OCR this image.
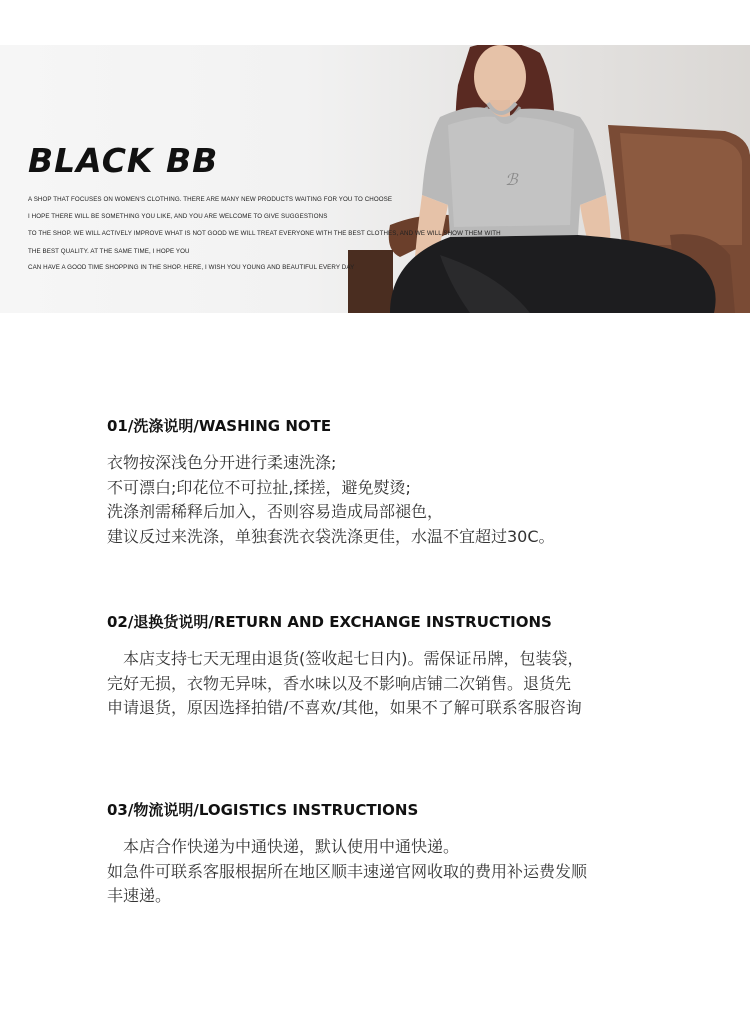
ℬ
BLACK BB
A SHOP THAT FOCUSES ON WOMEN'S CLOTHING. THERE ARE MANY NEW PRODUCTS WAITING FOR YOU TO CHOOSE
I HOPE THERE WILL BE SOMETHING YOU LIKE, AND YOU ARE WELCOME TO GIVE SUGGESTIONS
TO THE SHOP. WE WILL ACTIVELY IMPROVE WHAT IS NOT GOOD WE WILL TREAT EVERYONE WITH THE BEST CLOTHES, AND WE WILL SHOW THEM WITH
THE BEST QUALITY. AT THE SAME TIME, I HOPE YOU
CAN HAVE A GOOD TIME SHOPPING IN THE SHOP. HERE, I WISH YOU YOUNG AND BEAUTIFUL EVERY DAY
01/洗涤说明/WASHING NOTE

衣物按深浅色分开进行柔速洗涤;

不可漂白;印花位不可拉扯,揉搓，避免熨烫;

洗涤剂需稀释后加入，否则容易造成局部褪色，

建议反过来洗涤，单独套洗衣袋洗涤更佳，水温不宜超过30C。

02/退换货说明/RETURN AND EXCHANGE INSTRUCTIONS

　本店支持七天无理由退货(签收起七日内)。需保证吊牌，包装袋，

完好无损，衣物无异味，香水味以及不影响店铺二次销售。退货先

申请退货，原因选择拍错/不喜欢/其他，如果不了解可联系客服咨询

03/物流说明/LOGISTICS INSTRUCTIONS

　本店合作快递为中通快递，默认使用中通快递。

如急件可联系客服根据所在地区顺丰速递官网收取的费用补运费发顺

丰速递。
